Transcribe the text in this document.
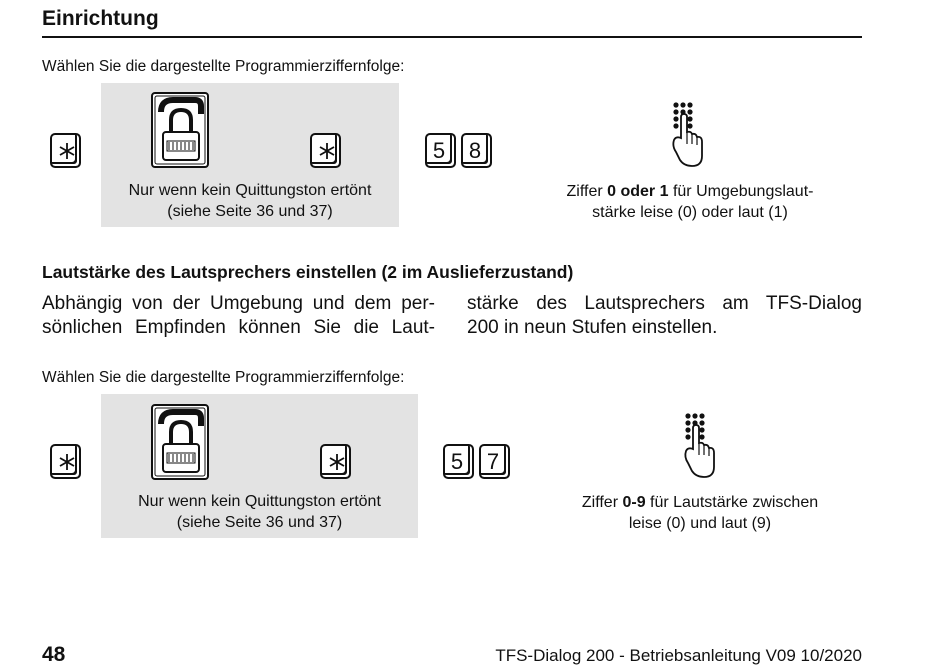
Einrichtung
Wählen Sie die dargestellte Programmierziffernfolge:
Nur wenn kein Quittungston ertönt
(siehe Seite 36 und 37)
5	8
Ziffer 0 oder 1 für Umgebungslaut-
stärke leise (0) oder laut (1)
Lautstärke des Lautsprechers einstellen (2 im Auslieferzustand)
Abhängig von der Umgebung und dem per-
sönlichen Empfinden können Sie die Laut-
stärke des Lautsprechers am TFS-Dialog
200 in neun Stufen einstellen.
Wählen Sie die dargestellte Programmierziffernfolge:
Nur wenn kein Quittungston ertönt
(siehe Seite 36 und 37)
5	7
Ziffer 0-9 für Lautstärke zwischen
leise (0) und laut (9)
48	TFS-Dialog 200 - Betriebsanleitung V09 10/2020
